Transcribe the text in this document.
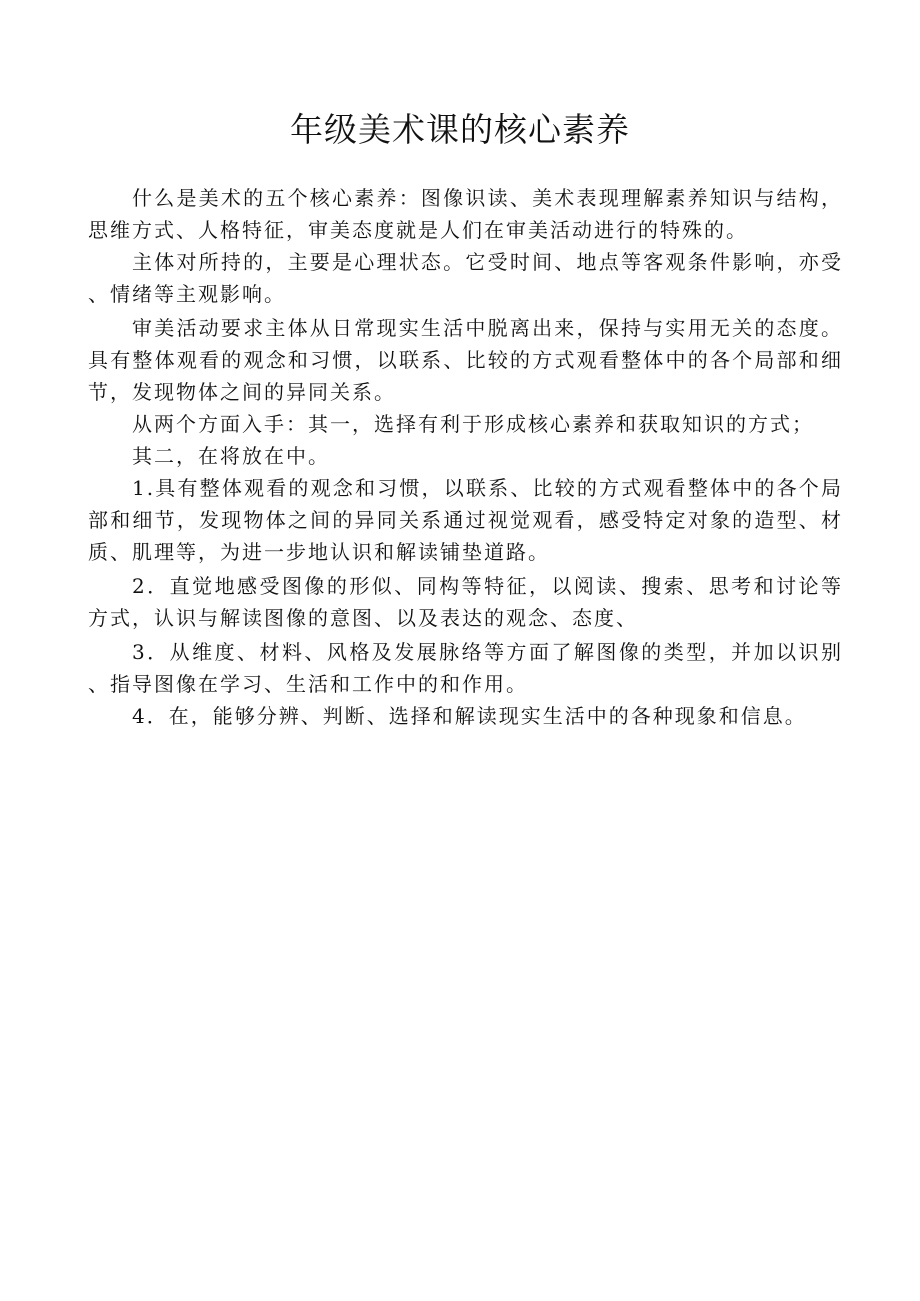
年级美术课的核心素养

什么是美术的五个核心素养：图像识读、美术表现理解素养知识与结构，思维方式、人格特征，审美态度就是人们在审美活动进行的特殊的。

主体对所持的，主要是心理状态。它受时间、地点等客观条件影响，亦受、情绪等主观影响。

审美活动要求主体从日常现实生活中脱离出来，保持与实用无关的态度。具有整体观看的观念和习惯，以联系、比较的方式观看整体中的各个局部和细节，发现物体之间的异同关系。

从两个方面入手：其一，选择有利于形成核心素养和获取知识的方式；

其二，在将放在中。

1.具有整体观看的观念和习惯，以联系、比较的方式观看整体中的各个局部和细节，发现物体之间的异同关系通过视觉观看，感受特定对象的造型、材质、肌理等，为进一步地认识和解读铺垫道路。

2．直觉地感受图像的形似、同构等特征，以阅读、搜索、思考和讨论等方式，认识与解读图像的意图、以及表达的观念、态度、

3．从维度、材料、风格及发展脉络等方面了解图像的类型，并加以识别、指导图像在学习、生活和工作中的和作用。

4．在，能够分辨、判断、选择和解读现实生活中的各种现象和信息。
